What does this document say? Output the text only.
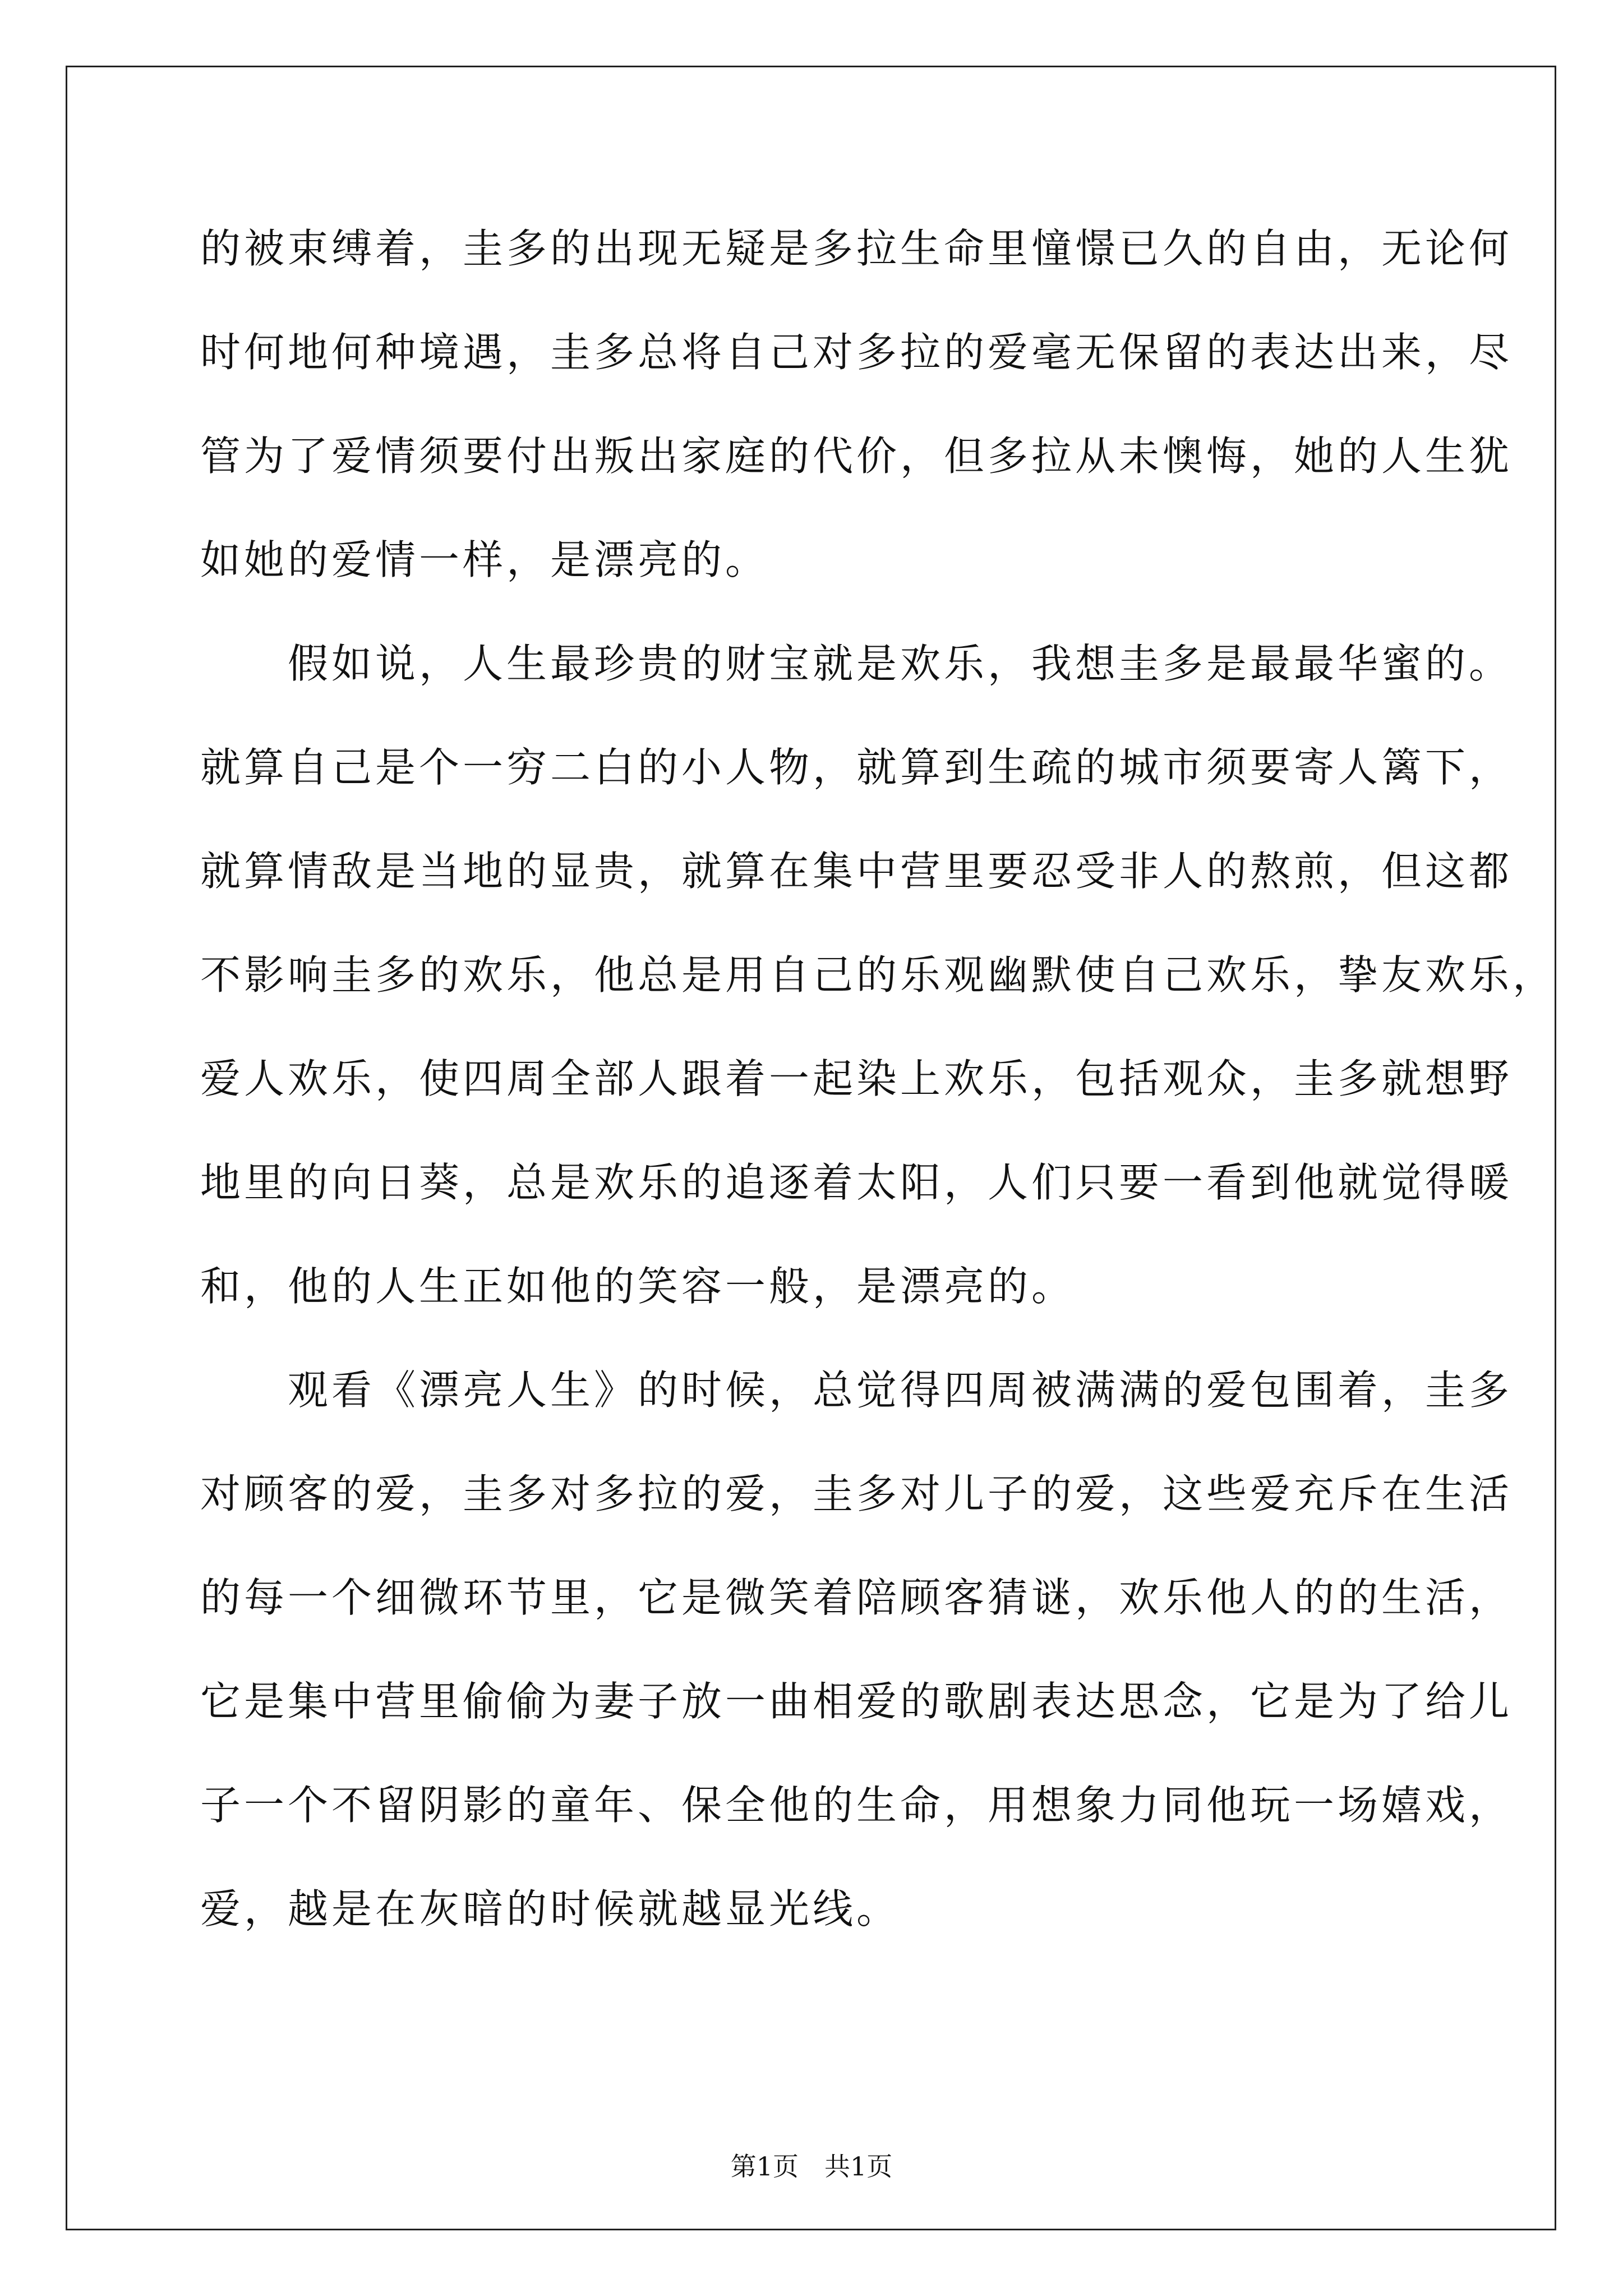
的被束缚着，圭多的出现无疑是多拉生命里憧憬已久的自由，无论何
时何地何种境遇，圭多总将自己对多拉的爱毫无保留的表达出来，尽
管为了爱情须要付出叛出家庭的代价，但多拉从未懊悔，她的人生犹
如她的爱情一样，是漂亮的。
　　假如说，人生最珍贵的财宝就是欢乐，我想圭多是最最华蜜的。
就算自己是个一穷二白的小人物，就算到生疏的城市须要寄人篱下，
就算情敌是当地的显贵，就算在集中营里要忍受非人的熬煎，但这都
不影响圭多的欢乐，他总是用自己的乐观幽默使自己欢乐，挚友欢乐，
爱人欢乐，使四周全部人跟着一起染上欢乐，包括观众，圭多就想野
地里的向日葵，总是欢乐的追逐着太阳，人们只要一看到他就觉得暖
和，他的人生正如他的笑容一般，是漂亮的。
　　观看《漂亮人生》的时候，总觉得四周被满满的爱包围着，圭多
对顾客的爱，圭多对多拉的爱，圭多对儿子的爱，这些爱充斥在生活
的每一个细微环节里，它是微笑着陪顾客猜谜，欢乐他人的的生活，
它是集中营里偷偷为妻子放一曲相爱的歌剧表达思念，它是为了给儿
子一个不留阴影的童年、保全他的生命，用想象力同他玩一场嬉戏，
爱，越是在灰暗的时候就越显光线。
第1页　共1页
